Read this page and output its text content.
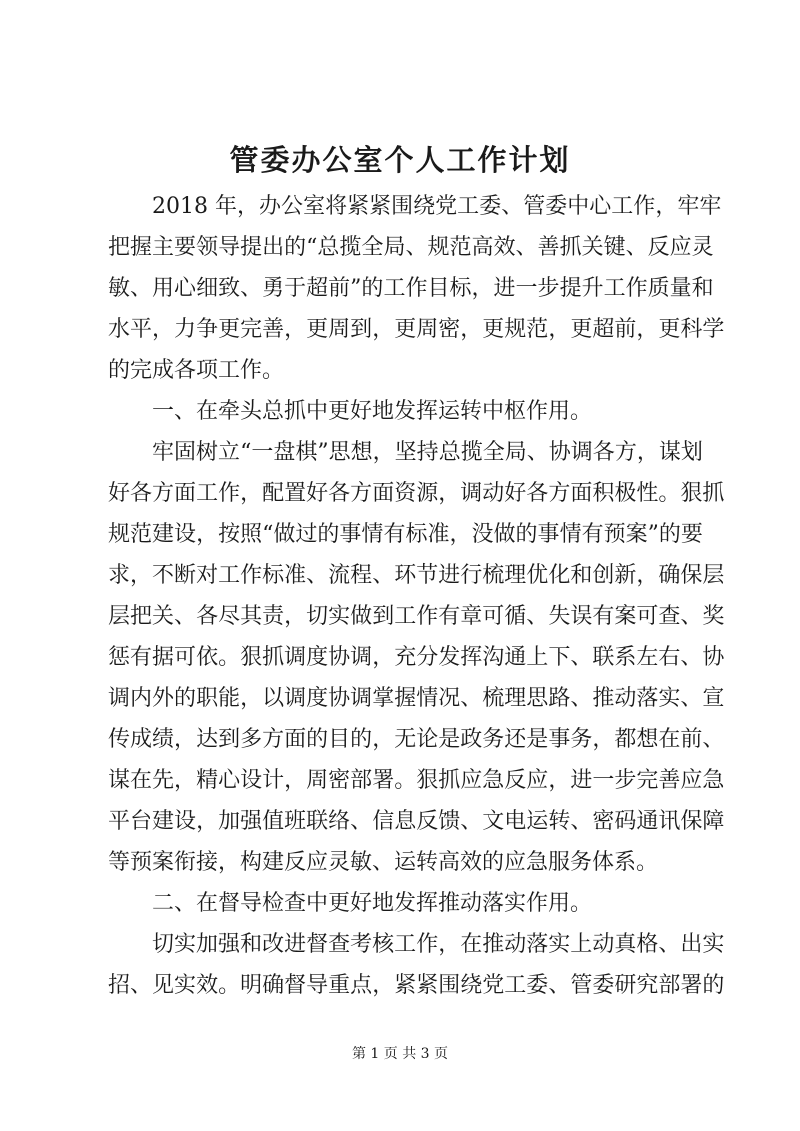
管委办公室个人工作计划
2 0 1 8
年 ， 办 公 室 将 紧 紧 围 绕 党 工 委 、 管 委 中 心 工 作 ， 牢 牢
把 握 主 要 领 导 提 出 的 “ 总 揽 全 局 、 规 范 高 效 、 善 抓 关 键 、 反 应 灵
敏 、 用 心 细 致 、 勇 于 超 前 ” 的 工 作 目 标 ， 进 一 步 提 升 工 作 质 量 和
水 平 ， 力 争 更 完 善 ， 更 周 到 ， 更 周 密 ， 更 规 范 ， 更 超 前 ， 更 科 学
的完成各项工作。
一、在牵头总抓中更好地发挥运转中枢作用。
牢 固 树 立 “ 一 盘 棋 ” 思 想 ， 坚 持 总 揽 全 局 、 协 调 各 方 ， 谋 划
好 各 方 面 工 作 ， 配 置 好 各 方 面 资 源 ， 调 动 好 各 方 面 积 极 性 。 狠 抓
规 范 建 设 ， 按 照 “ 做 过 的 事 情 有 标 准 ， 没 做 的 事 情 有 预 案 ” 的 要
求 ， 不 断 对 工 作 标 准 、 流 程 、 环 节 进 行 梳 理 优 化 和 创 新 ， 确 保 层
层 把 关 、 各 尽 其 责 ， 切 实 做 到 工 作 有 章 可 循 、 失 误 有 案 可 查 、 奖
惩 有 据 可 依 。 狠 抓 调 度 协 调 ， 充 分 发 挥 沟 通 上 下 、 联 系 左 右 、 协
调 内 外 的 职 能 ， 以 调 度 协 调 掌 握 情 况 、 梳 理 思 路 、 推 动 落 实 、 宣
传 成 绩 ， 达 到 多 方 面 的 目 的 ， 无 论 是 政 务 还 是 事 务 ， 都 想 在 前 、
谋 在 先 ， 精 心 设 计 ， 周 密 部 署 。 狠 抓 应 急 反 应 ， 进 一 步 完 善 应 急
平 台 建 设 ， 加 强 值 班 联 络 、 信 息 反 馈 、 文 电 运 转 、 密 码 通 讯 保 障
等预案衔接，构建反应灵敏、运转高效的应急服务体系。
二、在督导检查中更好地发挥推动落实作用。
切 实 加 强 和 改 进 督 查 考 核 工 作 ， 在 推 动 落 实 上 动 真 格 、 出 实
招 、 见 实 效 。 明 确 督 导 重 点 ， 紧 紧 围 绕 党 工 委 、 管 委 研 究 部 署 的
第 1 页 共 3 页
